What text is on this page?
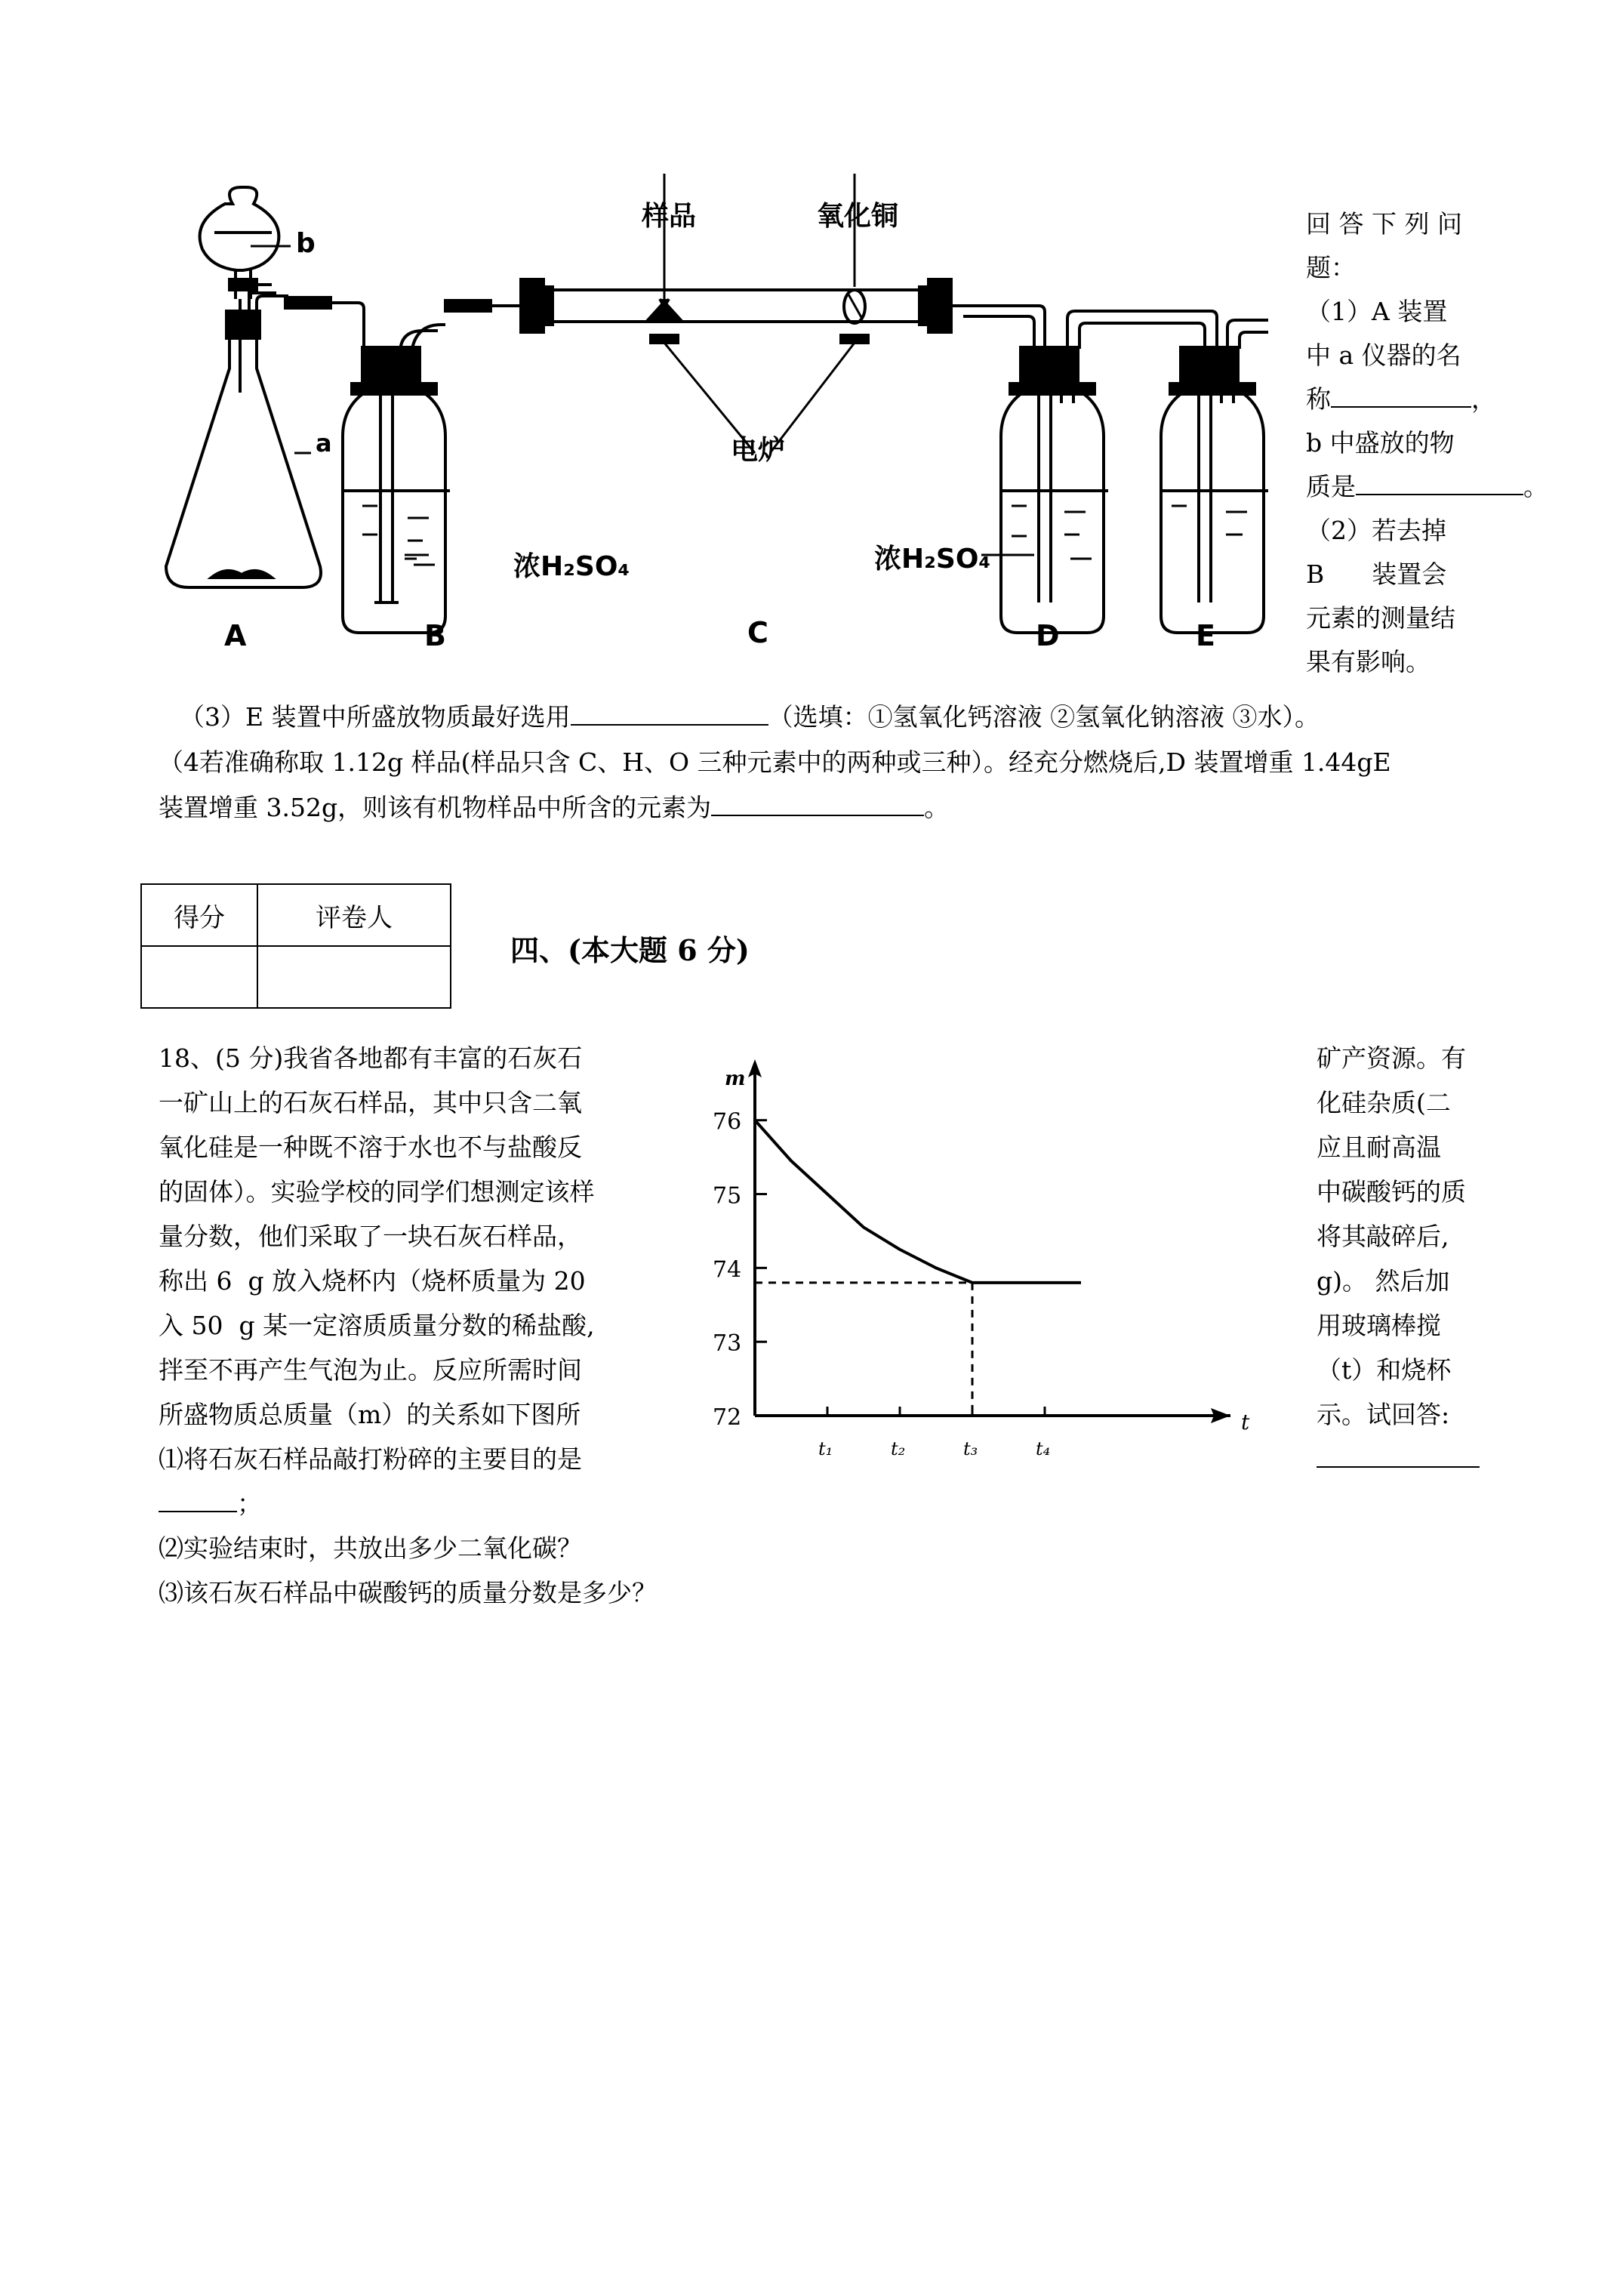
样品	氧化铜
电炉
b
a
浓H₂SO₄	浓H₂SO₄
A	B	C	D	E
回 答 下 列 问
题：
（1）A 装置
中 a 仪器的名
称	，
b 中盛放的物
质是	。
（2）若去掉
B      装置会
元素的测量结
果有影响。
（3）E 装置中所盛放物质最好选用	（选填：①氢氧化钙溶液 ②氢氧化钠溶液 ③水）。
（4若准确称取 1.12g 样品(样品只含 C、H、O 三种元素中的两种或三种）。经充分燃烧后,D 装置增重 1.44gE
装置增重 3.52g，则该有机物样品中所含的元素为	。
得分	评卷人

四、(本大题 6 分)
18、(5 分)我省各地都有丰富的石灰石
一矿山上的石灰石样品，其中只含二氧
氧化硅是一种既不溶于水也不与盐酸反
的固体）。实验学校的同学们想测定该样
量分数，他们采取了一块石灰石样品，
称出 6  g 放入烧杯内（烧杯质量为 20
入 50  g 某一定溶质质量分数的稀盐酸,
拌至不再产生气泡为止。反应所需时间
所盛物质总质量（m）的关系如下图所
⑴将石灰石样品敲打粉碎的主要目的是
；
⑵实验结束时，共放出多少二氧化碳？
⑶该石灰石样品中碳酸钙的质量分数是多少？
矿产资源。有
化硅杂质(二
应且耐高温
中碳酸钙的质
将其敲碎后,
g)。 然后加
用玻璃棒搅
（t）和烧杯
示。试回答:
m
t
72
73
74
75
76
t₁	t₂	t₃	t₄
